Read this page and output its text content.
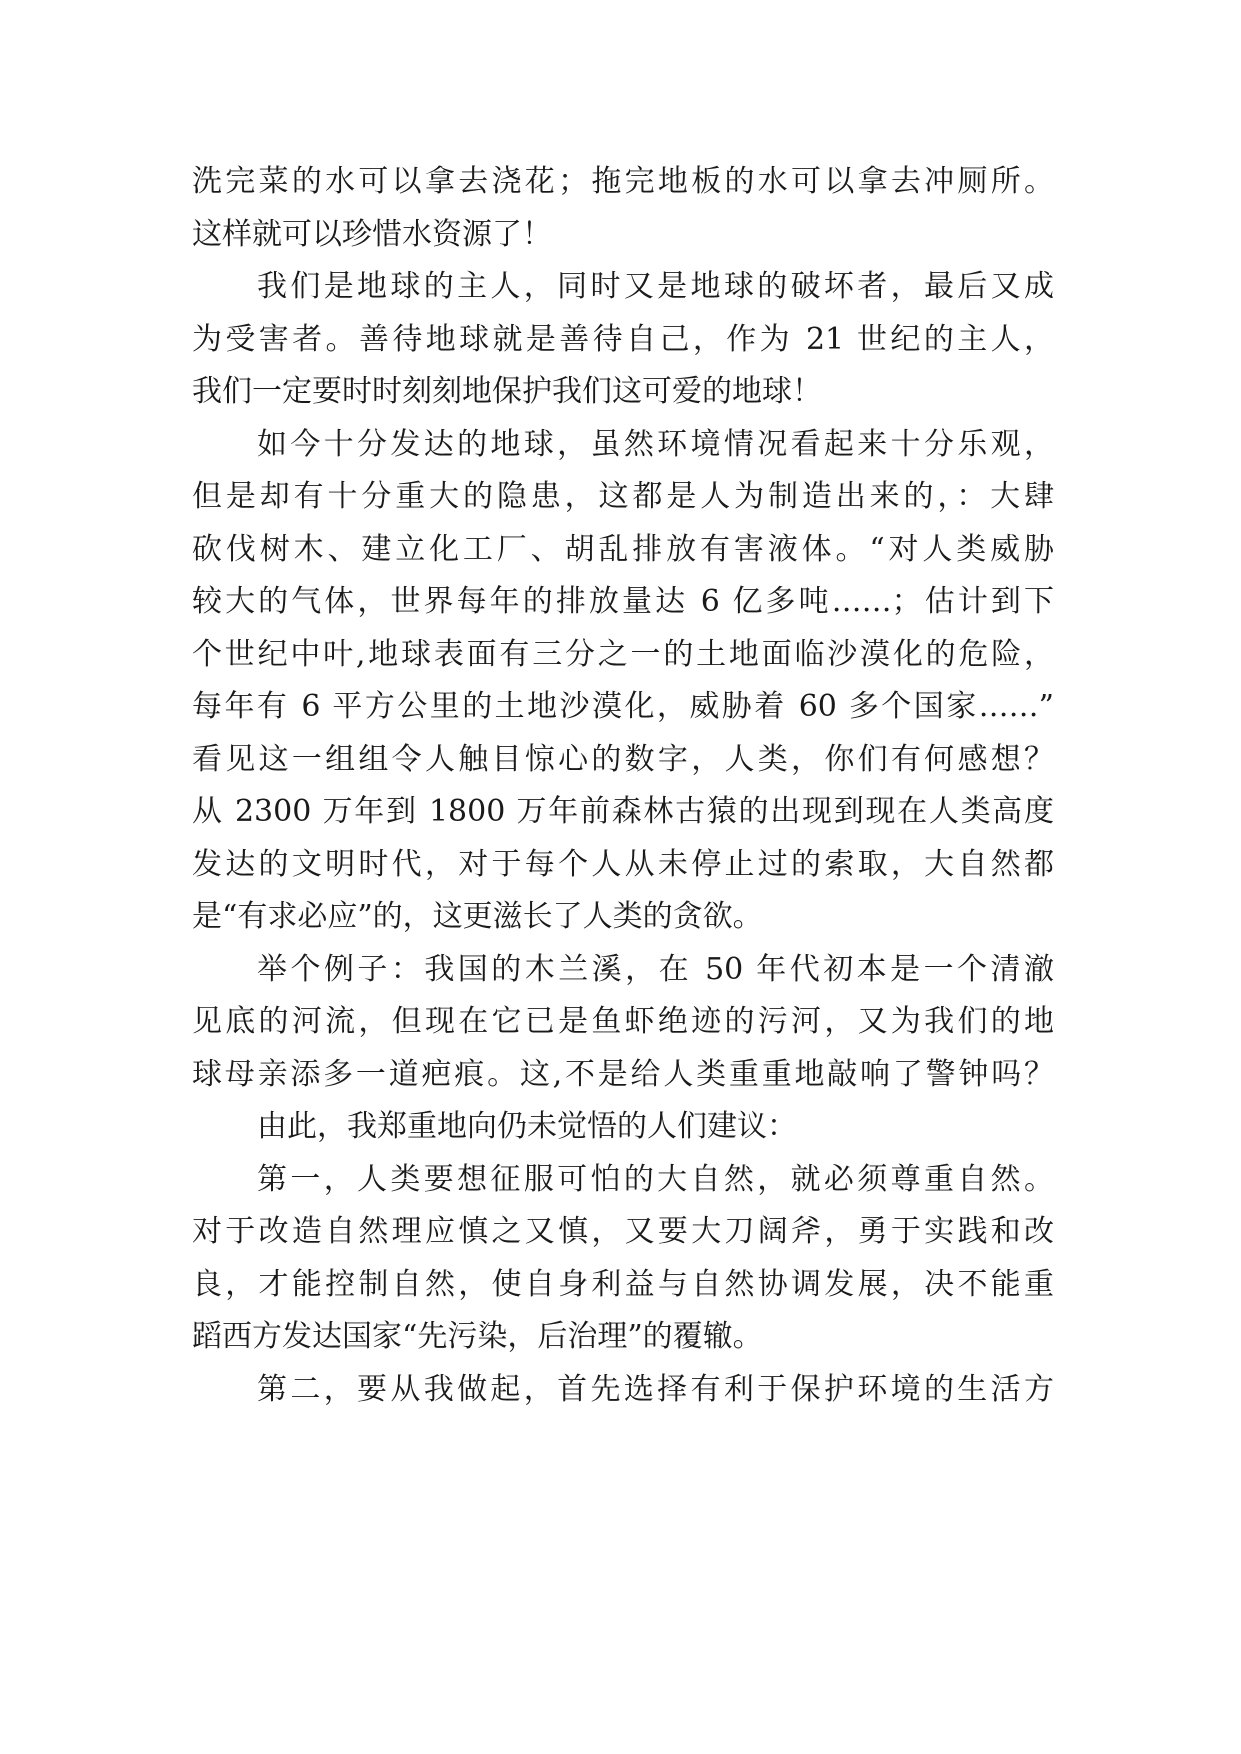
洗完菜的水可以拿去浇花；拖完地板的水可以拿去冲厕所。
这样就可以珍惜水资源了！
我们是地球的主人，同时又是地球的破坏者，最后又成
为受害者。善待地球就是善待自己，作为 21 世纪的主人，
我们一定要时时刻刻地保护我们这可爱的地球！
如今十分发达的地球，虽然环境情况看起来十分乐观，
但是却有十分重大的隐患，这都是人为制造出来的，：大肆
砍伐树木、建立化工厂、胡乱排放有害液体。“对人类威胁
较大的气体，世界每年的排放量达 6 亿多吨……；估计到下
个世纪中叶,地球表面有三分之一的土地面临沙漠化的危险，
每年有 6 平方公里的土地沙漠化，威胁着 60 多个国家……”
看见这一组组令人触目惊心的数字，人类，你们有何感想？
从 2300 万年到 1800 万年前森林古猿的出现到现在人类高度
发达的文明时代，对于每个人从未停止过的索取，大自然都
是“有求必应”的，这更滋长了人类的贪欲。
举个例子：我国的木兰溪，在 50 年代初本是一个清澈
见底的河流，但现在它已是鱼虾绝迹的污河，又为我们的地
球母亲添多一道疤痕。这,不是给人类重重地敲响了警钟吗？
由此，我郑重地向仍未觉悟的人们建议：
第一，人类要想征服可怕的大自然，就必须尊重自然。
对于改造自然理应慎之又慎，又要大刀阔斧，勇于实践和改
良，才能控制自然，使自身利益与自然协调发展，决不能重
蹈西方发达国家“先污染，后治理”的覆辙。
第二，要从我做起，首先选择有利于保护环境的生活方
